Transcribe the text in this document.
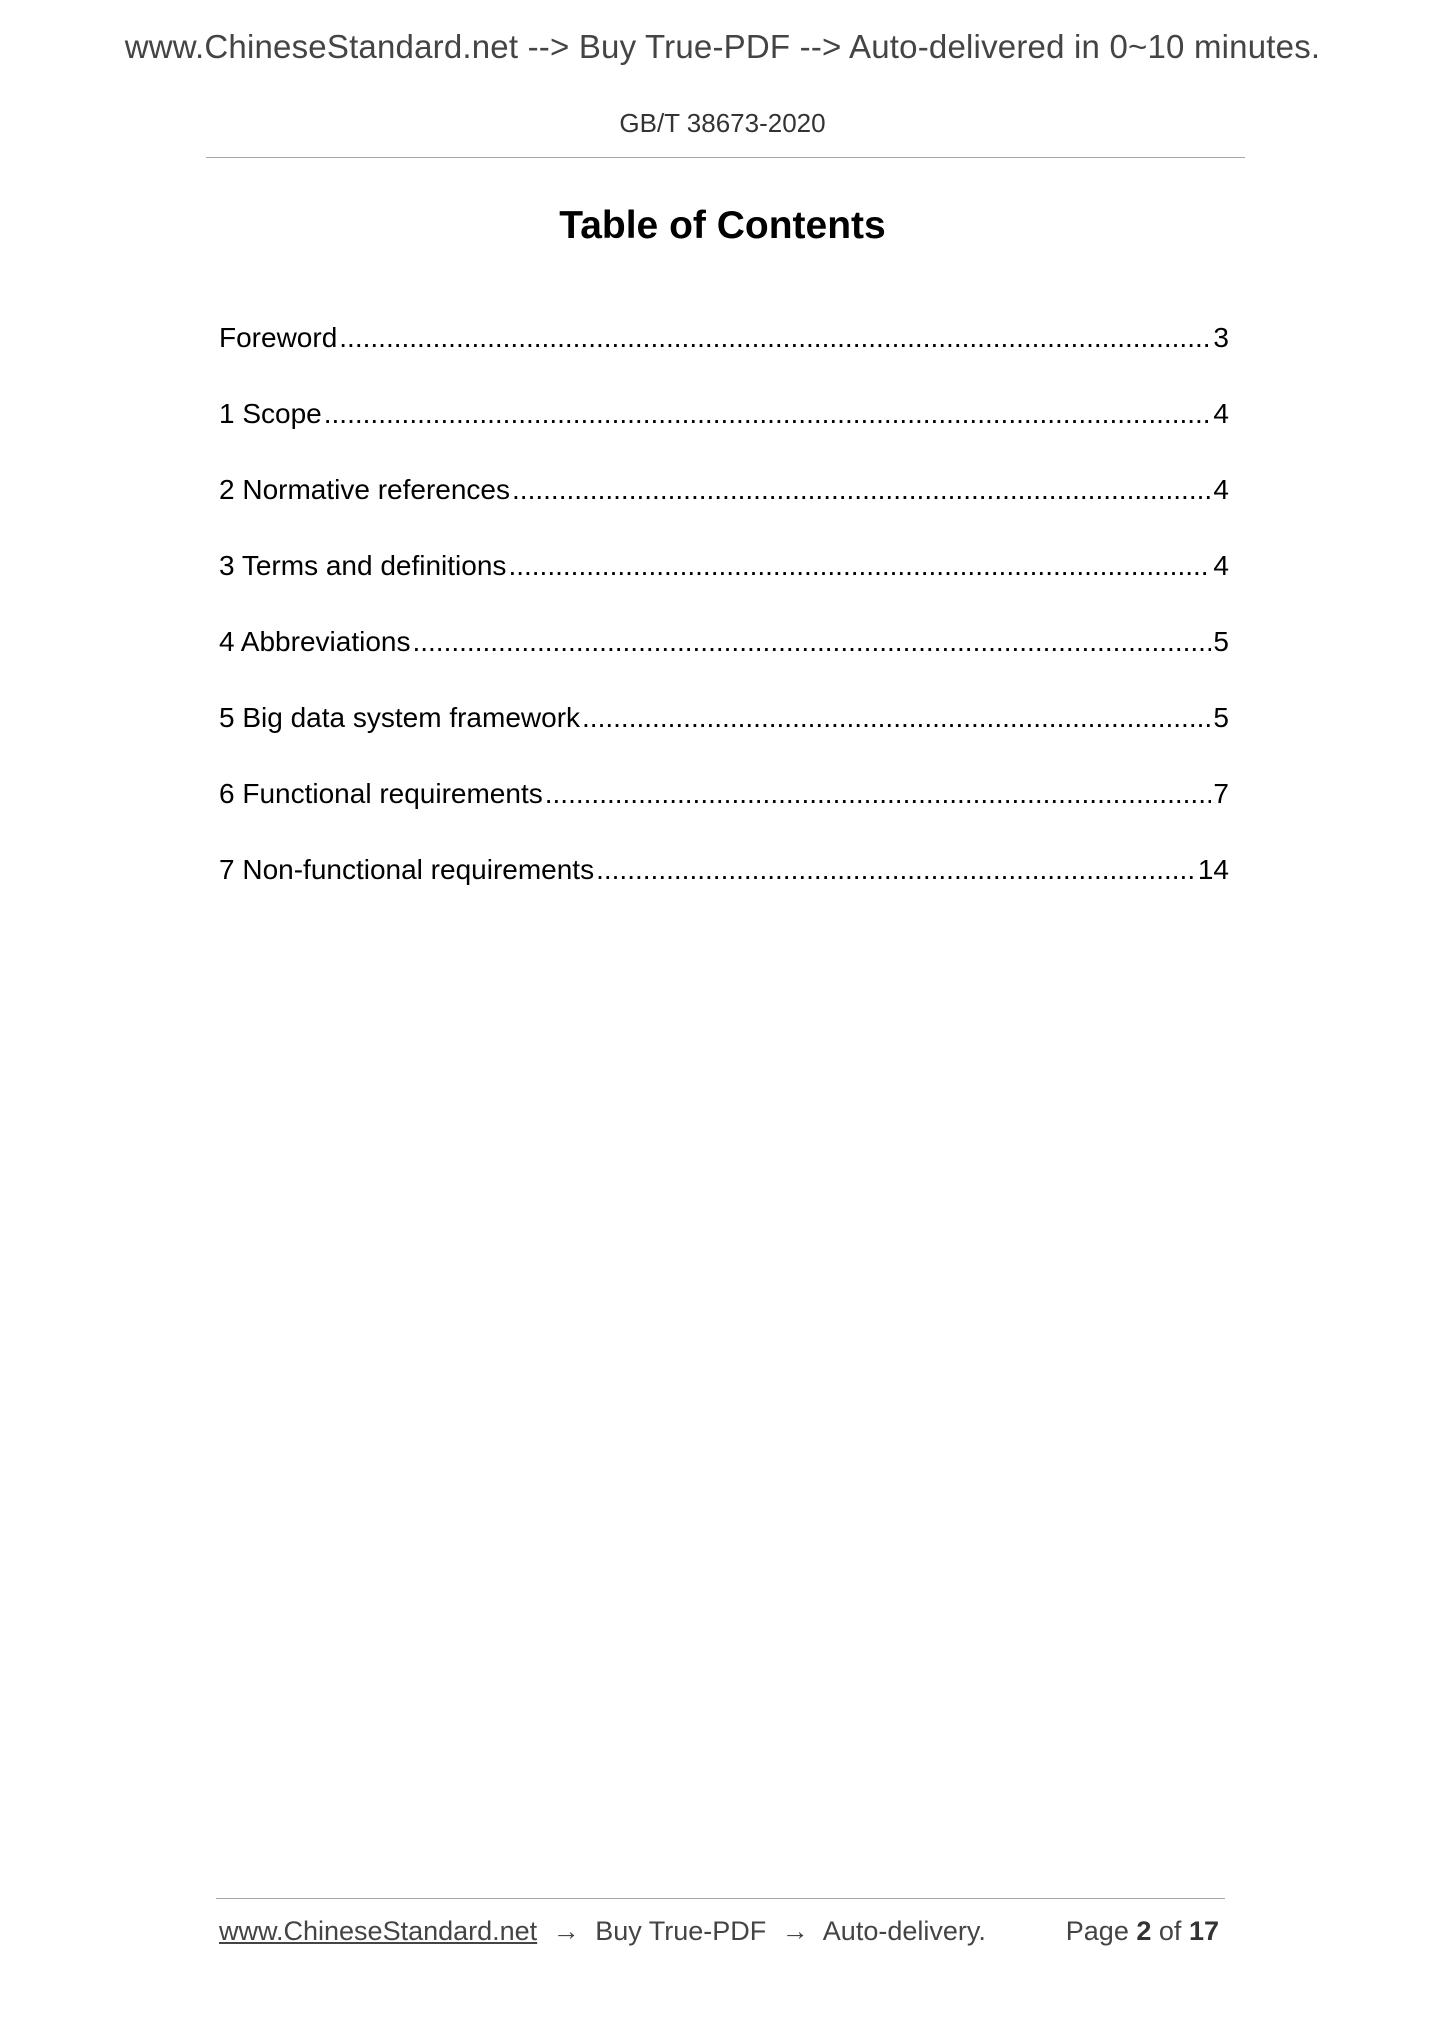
www.ChineseStandard.net --> Buy True-PDF --> Auto-delivered in 0~10 minutes.
GB/T 38673-2020
Table of Contents
Foreword .....	3
1 Scope .....	4
2 Normative references .....	4
3 Terms and definitions .....	4
4 Abbreviations .....	5
5 Big data system framework .....	5
6 Functional requirements .....	7
7 Non-functional requirements .....	14
www.ChineseStandard.net → Buy True-PDF → Auto-delivery.	Page 2 of 17
